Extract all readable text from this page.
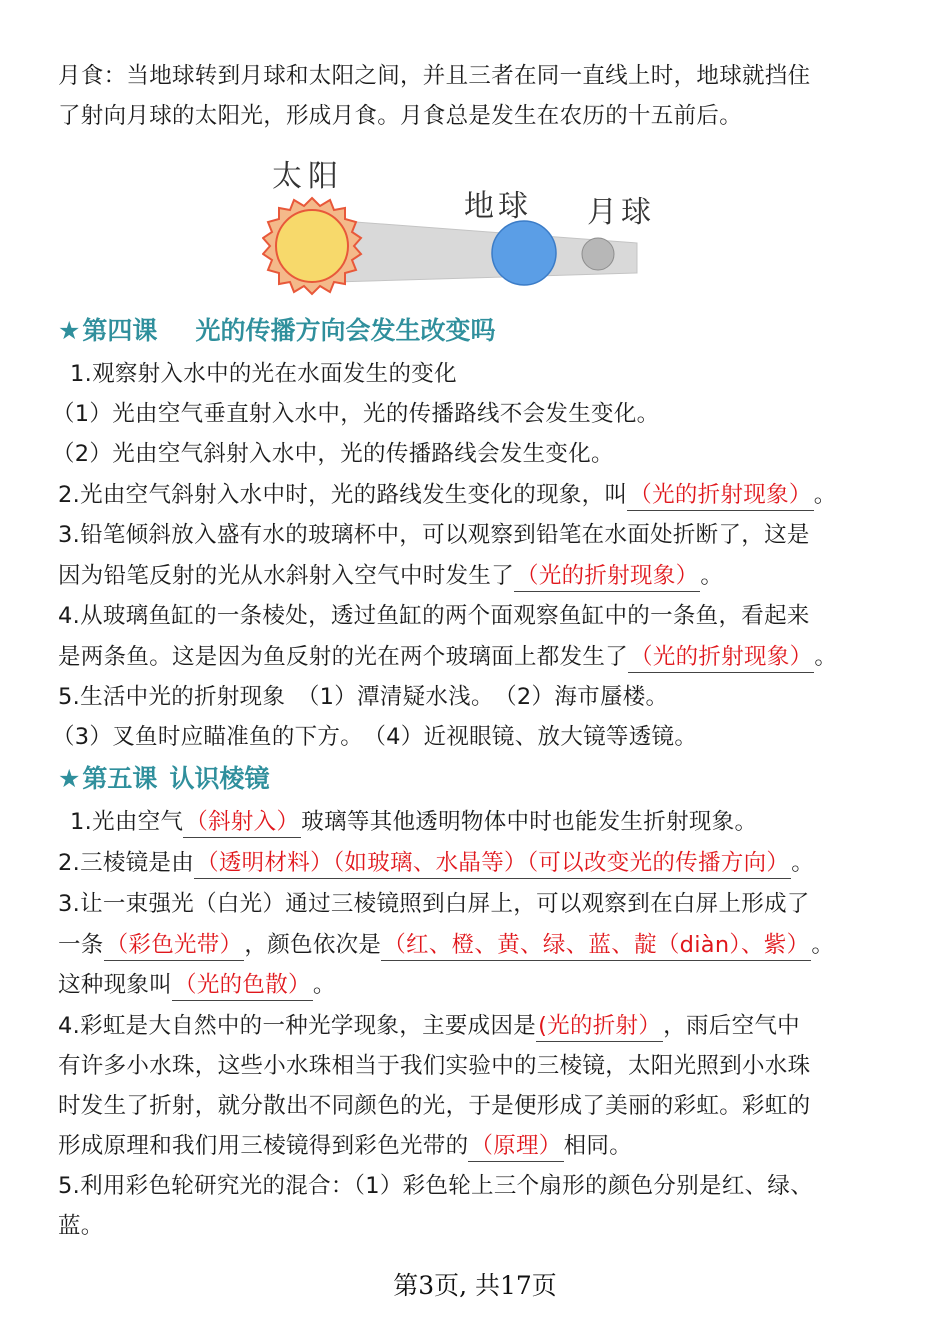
月食：当地球转到月球和太阳之间，并且三者在同一直线上时，地球就挡住
了射向月球的太阳光，形成月食。月食总是发生在农历的十五前后。
太阳
地球 月球
★第四课 光的传播方向会发生改变吗
1.观察射入水中的光在水面发生的变化
（1）光由空气垂直射入水中，光的传播路线不会发生变化。
（2）光由空气斜射入水中，光的传播路线会发生变化。
2.光由空气斜射入水中时，光的路线发生变化的现象，叫（光的折射现象）。
3.铅笔倾斜放入盛有水的玻璃杯中，可以观察到铅笔在水面处折断了，这是
因为铅笔反射的光从水斜射入空气中时发生了（光的折射现象）。
4.从玻璃鱼缸的一条棱处，透过鱼缸的两个面观察鱼缸中的一条鱼，看起来
是两条鱼。这是因为鱼反射的光在两个玻璃面上都发生了（光的折射现象）。
5.生活中光的折射现象　（1）潭清疑水浅。　（2）海市蜃楼。
（3）叉鱼时应瞄准鱼的下方。　（4）近视眼镜、放大镜等透镜。
★第五课 认识棱镜
1.光由空气（斜射入）玻璃等其他透明物体中时也能发生折射现象。
2.三棱镜是由（透明材料）（如玻璃、水晶等）（可以改变光的传播方向）。
3.让一束强光（白光）通过三棱镜照到白屏上，可以观察到在白屏上形成了
一条（彩色光带），颜色依次是（红、橙、黄、绿、蓝、靛（diàn）、紫）。
这种现象叫（光的色散）。
4.彩虹是大自然中的一种光学现象，主要成因是(光的折射），雨后空气中
有许多小水珠，这些小水珠相当于我们实验中的三棱镜，太阳光照到小水珠
时发生了折射，就分散出不同颜色的光，于是便形成了美丽的彩虹。彩虹的
形成原理和我们用三棱镜得到彩色光带的（原理）相同。
5.利用彩色轮研究光的混合：（1）彩色轮上三个扇形的颜色分别是红、绿、
蓝。
第3页, 共17页
